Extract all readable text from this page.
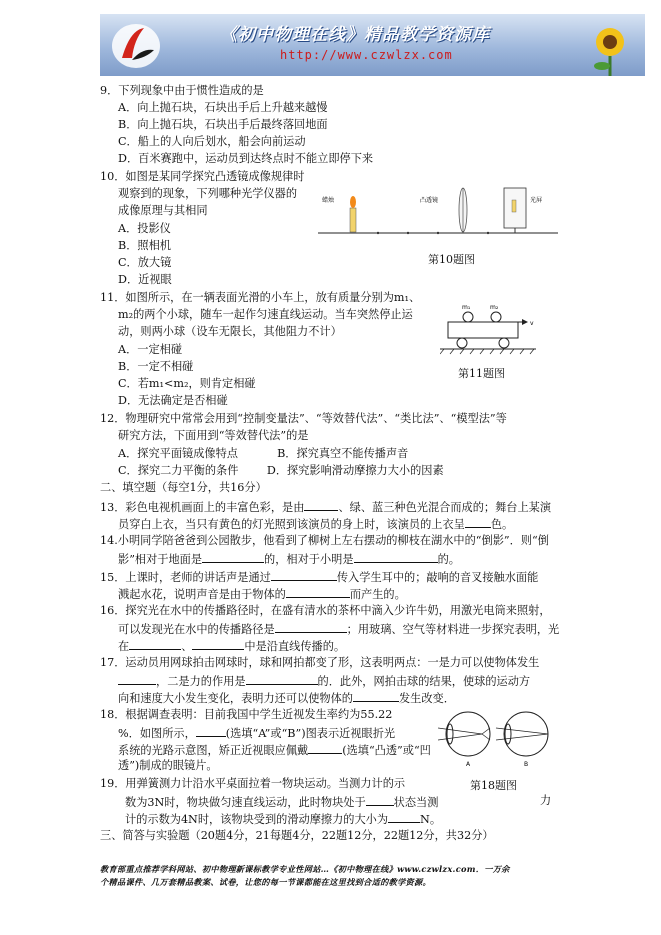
《初中物理在线》精品教学资源库
http://www.czwlzx.com
9．下列现象中由于惯性造成的是
A．向上抛石块，石块出手后上升越来越慢
B．向上抛石块，石块出手后最终落回地面
C．船上的人向后划水，船会向前运动
D．百米赛跑中，运动员到达终点时不能立即停下来
10．如图是某同学探究凸透镜成像规律时
观察到的现象，下列哪种光学仪器的
成像原理与其相同
A．投影仪
B．照相机
C．放大镜
D．近视眼
蜡烛	凸透镜	光屏
第10题图
11．如图所示，在一辆表面光滑的小车上，放有质量分别为m₁、
m₂的两个小球，随车一起作匀速直线运动。当车突然停止运
动，则两小球（设车无限长，其他阻力不计）
A．一定相碰
B．一定不相碰
C．若m₁<m₂，则肯定相碰
D．无法确定是否相碰
m₁	m₂
v
第11题图
12．物理研究中常常会用到“控制变量法”、“等效替代法”、“类比法”、“模型法”等
研究方法，下面用到“等效替代法”的是
A．探究平面镜成像特点           B．探究真空不能传播声音
C．探究二力平衡的条件        D．探究影响滑动摩擦力大小的因素
二、填空题（每空1分，共16分）
13．彩色电视机画面上的丰富色彩，是由	、绿、蓝三种色光混合而成的；舞台上某演
员穿白上衣，当只有黄色的灯光照到该演员的身上时，该演员的上衣呈 色。
14.小明同学陪爸爸到公园散步，他看到了柳树上左右摆动的柳枝在湖水中的“倒影”．则“倒
影”相对于地面是	的，相对于小明是	的。
15．上课时，老师的讲话声是通过	传入学生耳中的；敲响的音叉接触水面能
溅起水花，说明声音是由于物体的	而产生的。
16．探究光在水中的传播路径时，在盛有清水的茶杯中滴入少许牛奶，用激光电筒来照射，
可以发现光在水中的传播路径是	；用玻璃、空气等材料进一步探究表明，光
在	、	中是沿直线传播的。
17．运动员用网球拍击网球时，球和网拍都变了形，这表明两点：一是力可以使物体发生
，二是力的作用是	的．此外，网拍击球的结果，使球的运动方
向和速度大小发生变化，表明力还可以使物体的	发生改变．
18．根据调查表明：目前我国中学生近视发生率约为55.22
%．如图所示，	(选填“A”或“B”)图表示近视眼折光
系统的光路示意图，矫正近视眼应佩戴	(选填“凸透”或“凹
透”)制成的眼镜片。	A	B
第18题图
19．用弹簧测力计沿水平桌面拉着一物块运动。当测力计的示
数为3N时，物块做匀速直线运动，此时物块处于	状态当测	力
计的示数为4N时，该物块受到的滑动摩擦力的大小为	N。
三、简答与实验题（20题4分，21每题4分，22题12分，22题12分，共32分）
教育部重点推荐学科网站、初中物理新课标教学专业性网站…《初中物理在线》www.czwlzx.com．一万余
个精品课件、几万套精品教案、试卷，让您的每一节课都能在这里找到合适的教学资源。
